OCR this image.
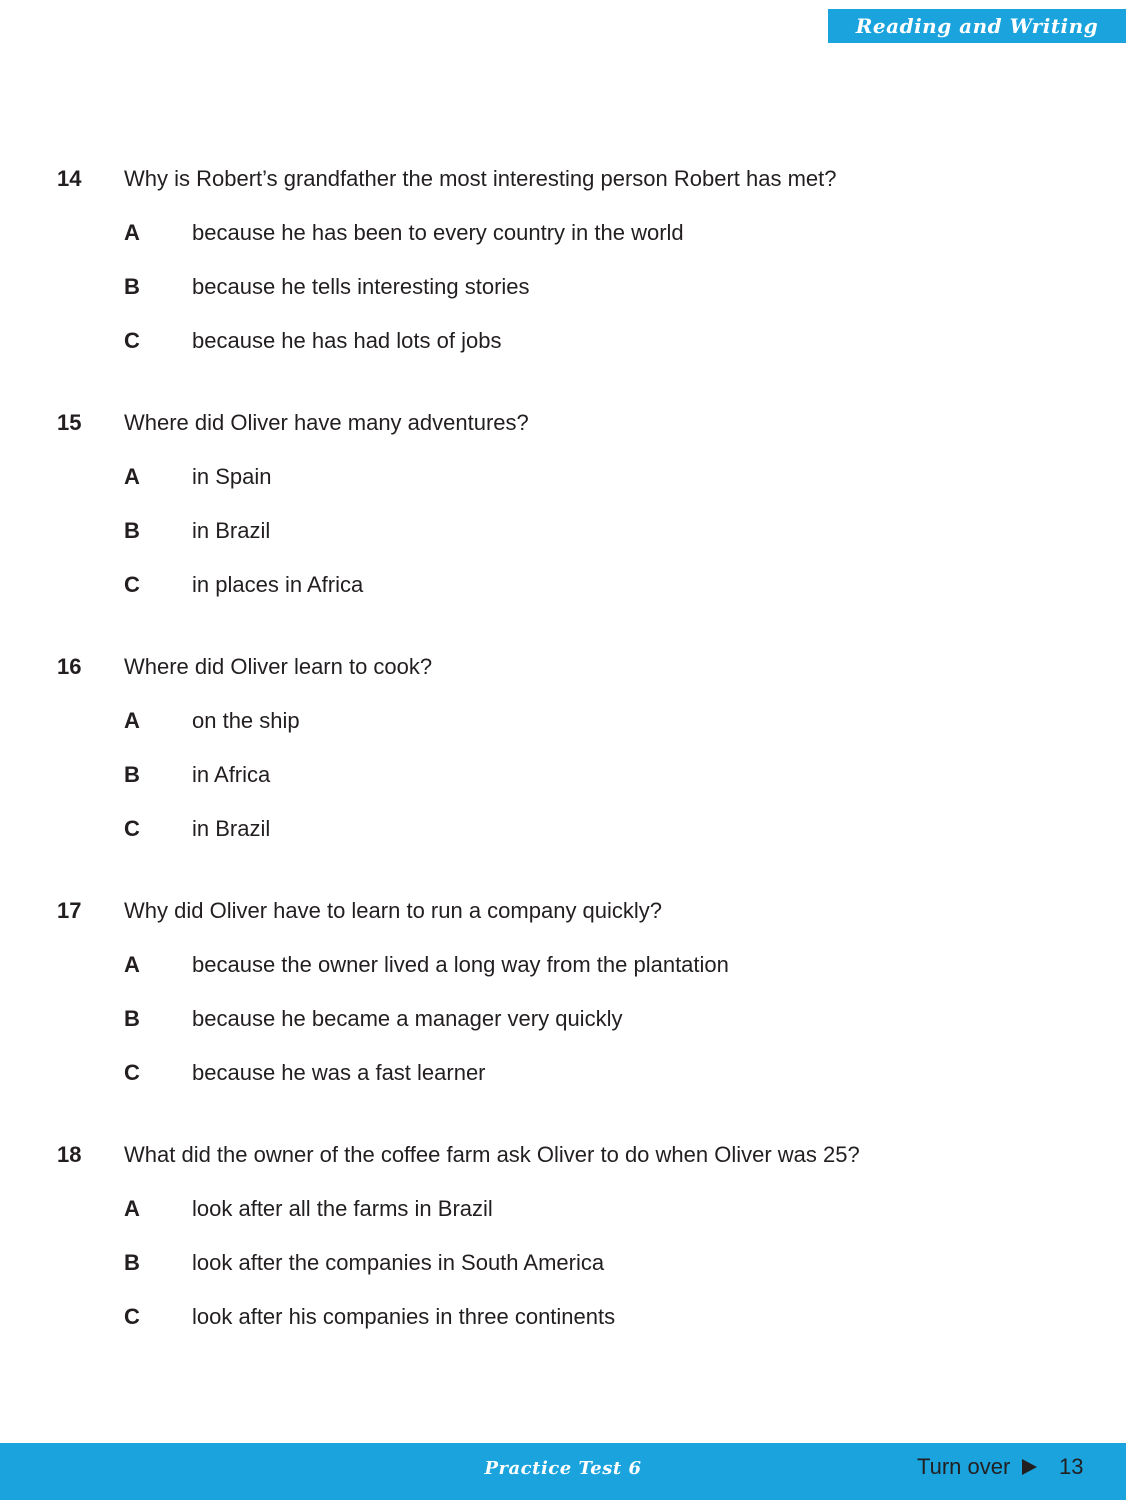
Reading and Writing
14 Why is Robert’s grandfather the most interesting person Robert has met?
A because he has been to every country in the world
B because he tells interesting stories
C because he has had lots of jobs
15 Where did Oliver have many adventures?
A in Spain
B in Brazil
C in places in Africa
16 Where did Oliver learn to cook?
A on the ship
B in Africa
C in Brazil
17 Why did Oliver have to learn to run a company quickly?
A because the owner lived a long way from the plantation
B because he became a manager very quickly
C because he was a fast learner
18 What did the owner of the coffee farm ask Oliver to do when Oliver was 25?
A look after all the farms in Brazil
B look after the companies in South America
C look after his companies in three continents
Practice Test 6	Turn over 13
